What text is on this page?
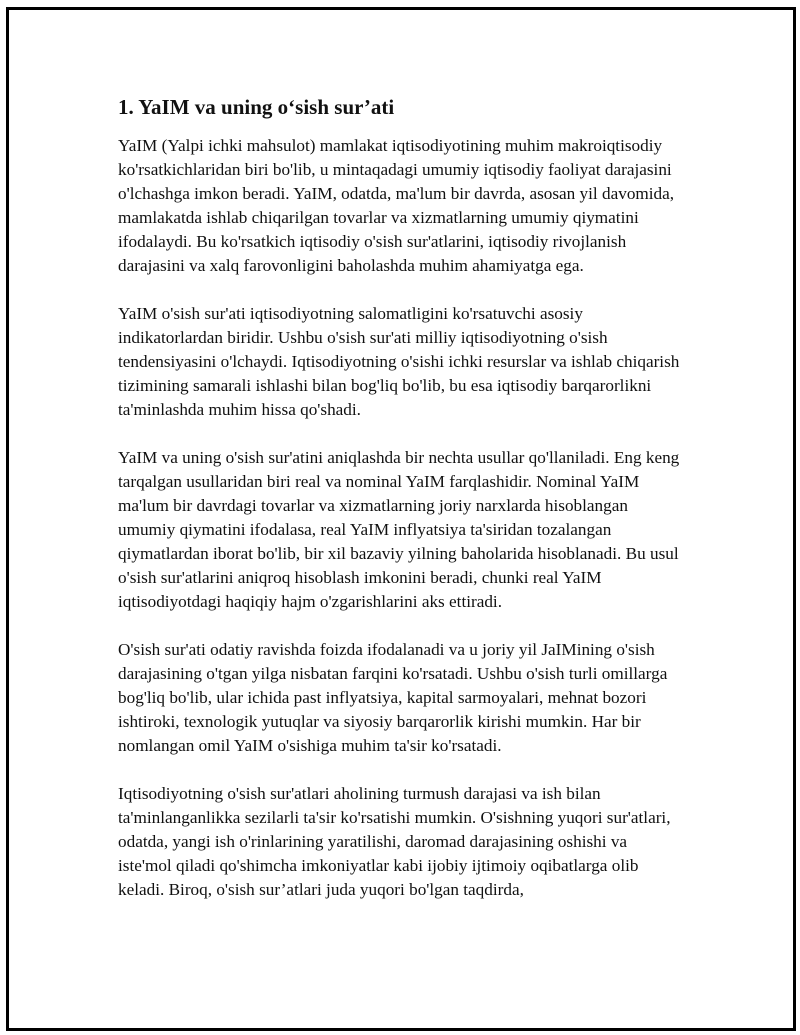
1. YaIM va uning o‘sish sur’ati

YaIM (Yalpi ichki mahsulot) mamlakat iqtisodiyotining muhim makroiqtisodiy ko'rsatkichlaridan biri bo'lib, u mintaqadagi umumiy iqtisodiy faoliyat darajasini o'lchashga imkon beradi. YaIM, odatda, ma'lum bir davrda, asosan yil davomida, mamlakatda ishlab chiqarilgan tovarlar va xizmatlarning umumiy qiymatini ifodalaydi. Bu ko'rsatkich iqtisodiy o'sish sur'atlarini, iqtisodiy rivojlanish darajasini va xalq farovonligini baholashda muhim ahamiyatga ega.

YaIM o'sish sur'ati iqtisodiyotning salomatligini ko'rsatuvchi asosiy indikatorlardan biridir. Ushbu o'sish sur'ati milliy iqtisodiyotning o'sish tendensiyasini o'lchaydi. Iqtisodiyotning o'sishi ichki resurslar va ishlab chiqarish tizimining samarali ishlashi bilan bog'liq bo'lib, bu esa iqtisodiy barqarorlikni ta'minlashda muhim hissa qo'shadi.

YaIM va uning o'sish sur'atini aniqlashda bir nechta usullar qo'llaniladi. Eng keng tarqalgan usullaridan biri real va nominal YaIM farqlashidir. Nominal YaIM ma'lum bir davrdagi tovarlar va xizmatlarning joriy narxlarda hisoblangan umumiy qiymatini ifodalasa, real YaIM inflyatsiya ta'siridan tozalangan qiymatlardan iborat bo'lib, bir xil bazaviy yilning baholarida hisoblanadi. Bu usul o'sish sur'atlarini aniqroq hisoblash imkonini beradi, chunki real YaIM iqtisodiyotdagi haqiqiy hajm o'zgarishlarini aks ettiradi.

O'sish sur'ati odatiy ravishda foizda ifodalanadi va u joriy yil JaIMining o'sish darajasining o'tgan yilga nisbatan farqini ko'rsatadi. Ushbu o'sish turli omillarga bog'liq bo'lib, ular ichida past inflyatsiya, kapital sarmoyalari, mehnat bozori ishtiroki, texnologik yutuqlar va siyosiy barqarorlik kirishi mumkin. Har bir nomlangan omil YaIM o'sishiga muhim ta'sir ko'rsatadi.

Iqtisodiyotning o'sish sur'atlari aholining turmush darajasi va ish bilan ta'minlanganlikka sezilarli ta'sir ko'rsatishi mumkin. O'sishning yuqori sur'atlari, odatda, yangi ish o'rinlarining yaratilishi, daromad darajasining oshishi va iste'mol qiladi qo'shimcha imkoniyatlar kabi ijobiy ijtimoiy oqibatlarga olib keladi. Biroq, o'sish sur’atlari juda yuqori bo'lgan taqdirda,
